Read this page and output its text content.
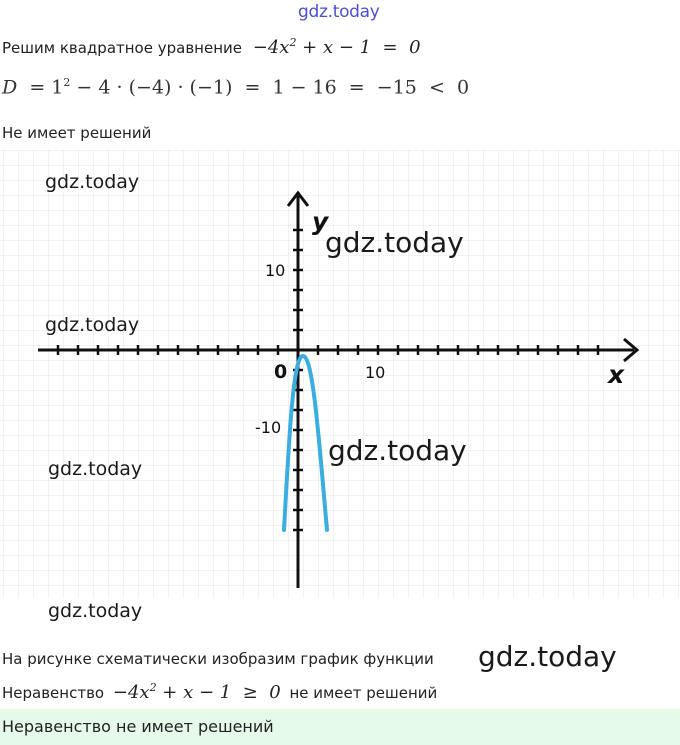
gdz.today
Решим квадратное уравнение $-4x^2 + x - 1 = 0$
$D = 1^2 - 4 \cdot (-4) \cdot (-1) = 1 - 16 = -15 < 0$
Не имеет решений
y
x
0	10
10
-10
gdz.today
gdz.today
gdz.today
gdz.today
gdz.today
gdz.today
На рисунке схематически изобразим график функции gdz.today
Неравенство $-4x^2 + x - 1 \ge 0$ не имеет решений
Неравенство не имеет решений
